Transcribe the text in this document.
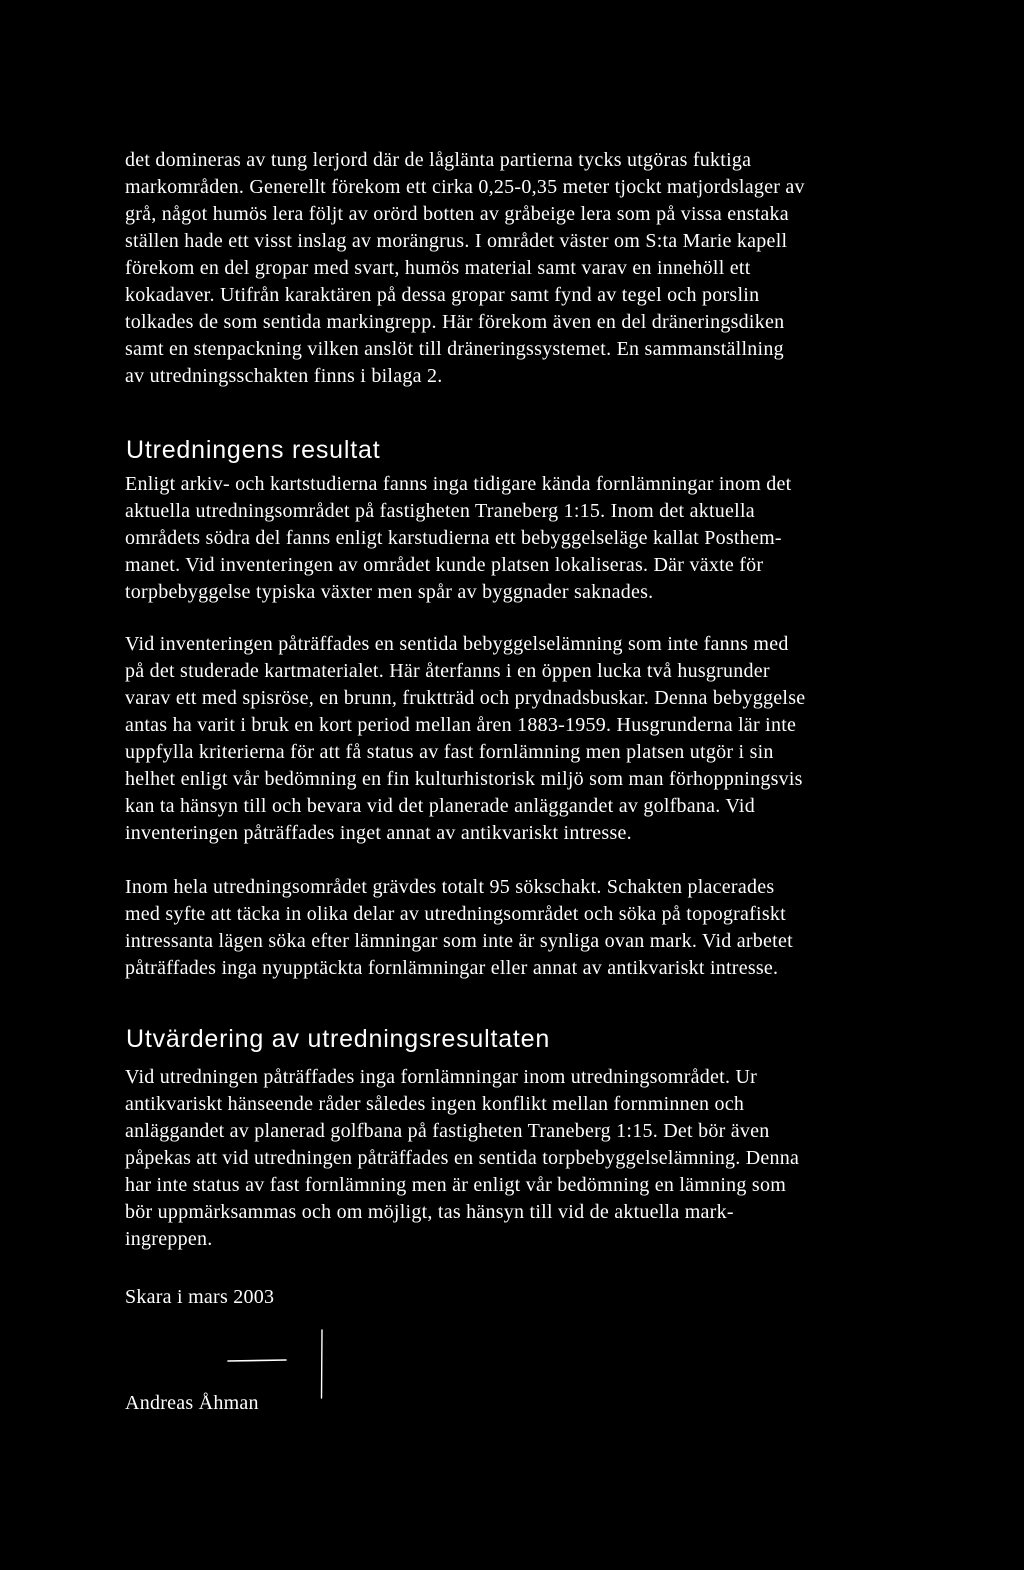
det domineras av tung lerjord där de låglänta partierna tycks utgöras fuktiga
markområden. Generellt förekom ett cirka 0,25-0,35 meter tjockt matjordslager av
grå, något humös lera följt av orörd botten av gråbeige lera som på vissa enstaka
ställen hade ett visst inslag av morängrus. I området väster om S:ta Marie kapell
förekom en del gropar med svart, humös material samt varav en innehöll ett
kokadaver. Utifrån karaktären på dessa gropar samt fynd av tegel och porslin
tolkades de som sentida markingrepp. Här förekom även en del dräneringsdiken
samt en stenpackning vilken anslöt till dräneringssystemet. En sammanställning
av utredningsschakten finns i bilaga 2.
Utredningens resultat
Enligt arkiv- och kartstudierna fanns inga tidigare kända fornlämningar inom det
aktuella utredningsområdet på fastigheten Traneberg 1:15. Inom det aktuella
områdets södra del fanns enligt karstudierna ett bebyggelseläge kallat Posthem-
manet. Vid inventeringen av området kunde platsen lokaliseras. Där växte för
torpbebyggelse typiska växter men spår av byggnader saknades.
Vid inventeringen påträffades en sentida bebyggelselämning som inte fanns med
på det studerade kartmaterialet. Här återfanns i en öppen lucka två husgrunder
varav ett med spisröse, en brunn, fruktträd och prydnadsbuskar. Denna bebyggelse
antas ha varit i bruk en kort period mellan åren 1883-1959. Husgrunderna lär inte
uppfylla kriterierna för att få status av fast fornlämning men platsen utgör i sin
helhet enligt vår bedömning en fin kulturhistorisk miljö som man förhoppningsvis
kan ta hänsyn till och bevara vid det planerade anläggandet av golfbana. Vid
inventeringen påträffades inget annat av antikvariskt intresse.
Inom hela utredningsområdet grävdes totalt 95 sökschakt. Schakten placerades
med syfte att täcka in olika delar av utredningsområdet och söka på topografiskt
intressanta lägen söka efter lämningar som inte är synliga ovan mark. Vid arbetet
påträffades inga nyupptäckta fornlämningar eller annat av antikvariskt intresse.
Utvärdering av utredningsresultaten
Vid utredningen påträffades inga fornlämningar inom utredningsområdet. Ur
antikvariskt hänseende råder således ingen konflikt mellan fornminnen och
anläggandet av planerad golfbana på fastigheten Traneberg 1:15. Det bör även
påpekas att vid utredningen påträffades en sentida torpbebyggelselämning. Denna
har inte status av fast fornlämning men är enligt vår bedömning en lämning som
bör uppmärksammas och om möjligt, tas hänsyn till vid de aktuella mark-
ingreppen.
Skara i mars 2003
Andreas Åhman
